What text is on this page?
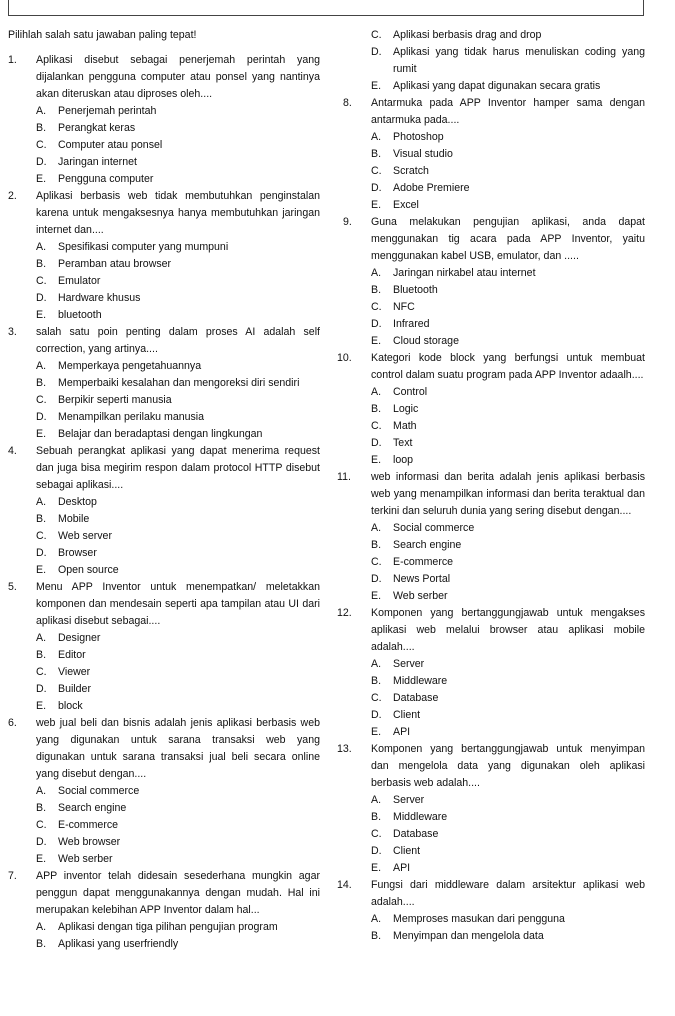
Pilihlah salah satu jawaban paling tepat!
1. Aplikasi disebut sebagai penerjemah perintah yang dijalankan pengguna computer atau ponsel yang nantinya akan diteruskan atau diproses oleh....
A. Penerjemah perintah
B. Perangkat keras
C. Computer atau ponsel
D. Jaringan internet
E. Pengguna computer
2. Aplikasi berbasis web tidak membutuhkan penginstalan karena untuk mengaksesnya hanya membutuhkan jaringan internet dan....
A. Spesifikasi computer yang mumpuni
B. Peramban atau browser
C. Emulator
D. Hardware khusus
E. bluetooth
3. salah satu poin penting dalam proses AI adalah self correction, yang artinya....
A. Memperkaya pengetahuannya
B. Memperbaiki kesalahan dan mengoreksi diri sendiri
C. Berpikir seperti manusia
D. Menampilkan perilaku manusia
E. Belajar dan beradaptasi dengan lingkungan
4. Sebuah perangkat aplikasi yang dapat menerima request dan juga bisa megirim respon dalam protocol HTTP disebut sebagai aplikasi....
A. Desktop
B. Mobile
C. Web server
D. Browser
E. Open source
5. Menu APP Inventor untuk menempatkan/ meletakkan komponen dan mendesain seperti apa tampilan atau UI dari aplikasi disebut sebagai....
A. Designer
B. Editor
C. Viewer
D. Builder
E. block
6. web jual beli dan bisnis adalah jenis aplikasi berbasis web yang digunakan untuk sarana transaksi web yang digunakan untuk sarana transaksi jual beli secara online yang disebut dengan....
A. Social commerce
B. Search engine
C. E-commerce
D. Web browser
E. Web serber
7. APP inventor telah didesain sesederhana mungkin agar penggun dapat menggunakannya dengan mudah. Hal ini merupakan kelebihan APP Inventor dalam hal...
A. Aplikasi dengan tiga pilihan pengujian program
B. Aplikasi yang userfriendly
C. Aplikasi berbasis drag and drop
D. Aplikasi yang tidak harus menuliskan coding yang rumit
E. Aplikasi yang dapat digunakan secara gratis
8. Antarmuka pada APP Inventor hamper sama dengan antarmuka pada....
A. Photoshop
B. Visual studio
C. Scratch
D. Adobe Premiere
E. Excel
9. Guna melakukan pengujian aplikasi, anda dapat menggunakan tig acara pada APP Inventor, yaitu menggunakan kabel USB, emulator, dan .....
A. Jaringan nirkabel atau internet
B. Bluetooth
C. NFC
D. Infrared
E. Cloud storage
10. Kategori kode block yang berfungsi untuk membuat control dalam suatu program pada APP Inventor adaalh....
A. Control
B. Logic
C. Math
D. Text
E. loop
11. web informasi dan berita adalah jenis aplikasi berbasis web yang menampilkan informasi dan berita teraktual dan terkini dan seluruh dunia yang sering disebut dengan....
A. Social commerce
B. Search engine
C. E-commerce
D. News Portal
E. Web serber
12. Komponen yang bertanggungjawab untuk mengakses aplikasi web melalui browser atau aplikasi mobile adalah....
A. Server
B. Middleware
C. Database
D. Client
E. API
13. Komponen yang bertanggungjawab untuk menyimpan dan mengelola data yang digunakan oleh aplikasi berbasis web adalah....
A. Server
B. Middleware
C. Database
D. Client
E. API
14. Fungsi dari middleware dalam arsitektur aplikasi web adalah....
A. Memproses masukan dari pengguna
B. Menyimpan dan mengelola data
